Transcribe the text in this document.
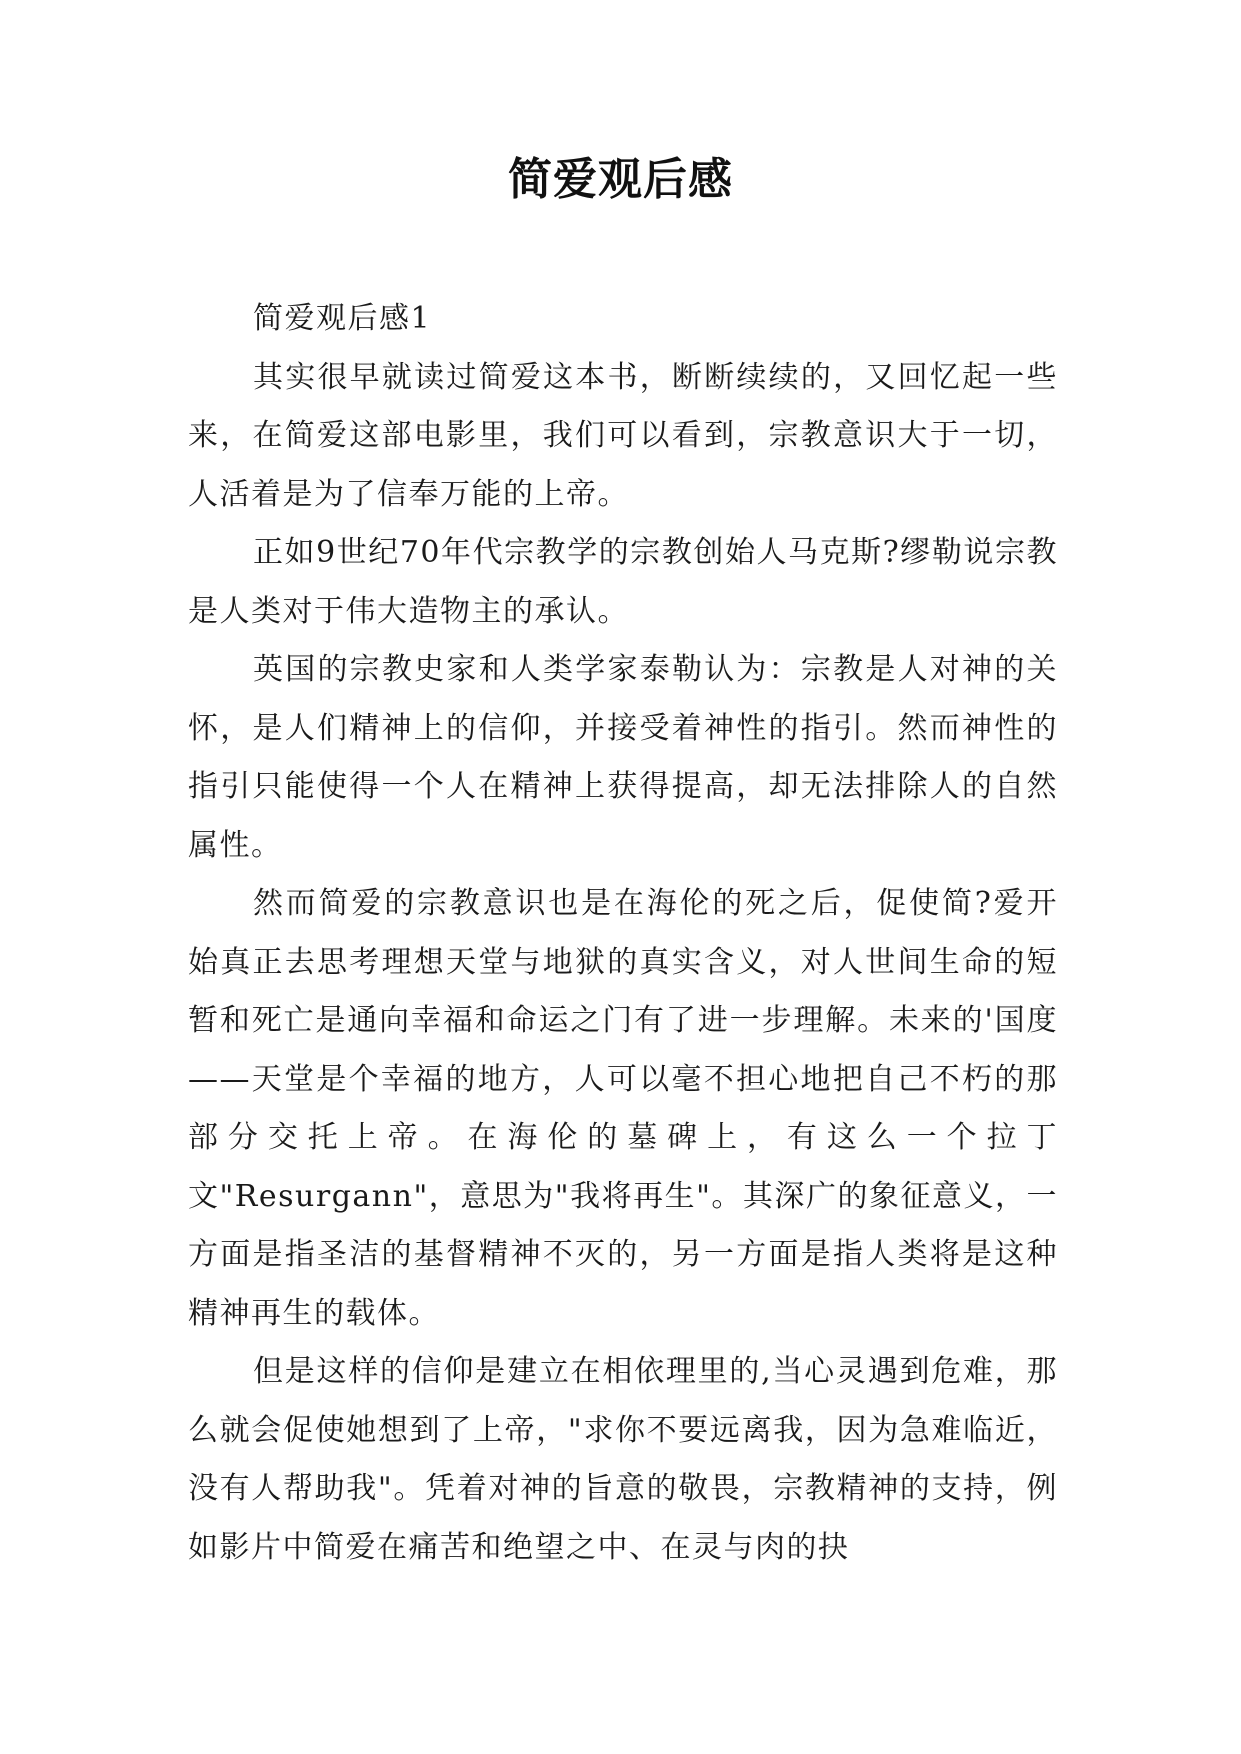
简爱观后感

简爱观后感1

其实很早就读过简爱这本书，断断续续的，又回忆起一些来，在简爱这部电影里，我们可以看到，宗教意识大于一切，人活着是为了信奉万能的上帝。

正如9世纪70年代宗教学的宗教创始人马克斯?缪勒说宗教是人类对于伟大造物主的承认。

英国的宗教史家和人类学家泰勒认为：宗教是人对神的关怀，是人们精神上的信仰，并接受着神性的指引。然而神性的指引只能使得一个人在精神上获得提高，却无法排除人的自然属性。

然而简爱的宗教意识也是在海伦的死之后，促使简?爱开始真正去思考理想天堂与地狱的真实含义，对人世间生命的短暂和死亡是通向幸福和命运之门有了进一步理解。未来的'国度——天堂是个幸福的地方，人可以毫不担心地把自己不朽的那部分交托上帝。在海伦的墓碑上，有这么一个拉丁文"Resurgann"，意思为"我将再生"。其深广的象征意义，一方面是指圣洁的基督精神不灭的，另一方面是指人类将是这种精神再生的载体。

但是这样的信仰是建立在相依理里的,当心灵遇到危难，那么就会促使她想到了上帝，"求你不要远离我，因为急难临近，没有人帮助我"。凭着对神的旨意的敬畏，宗教精神的支持，例如影片中简爱在痛苦和绝望之中、在灵与肉的抉
